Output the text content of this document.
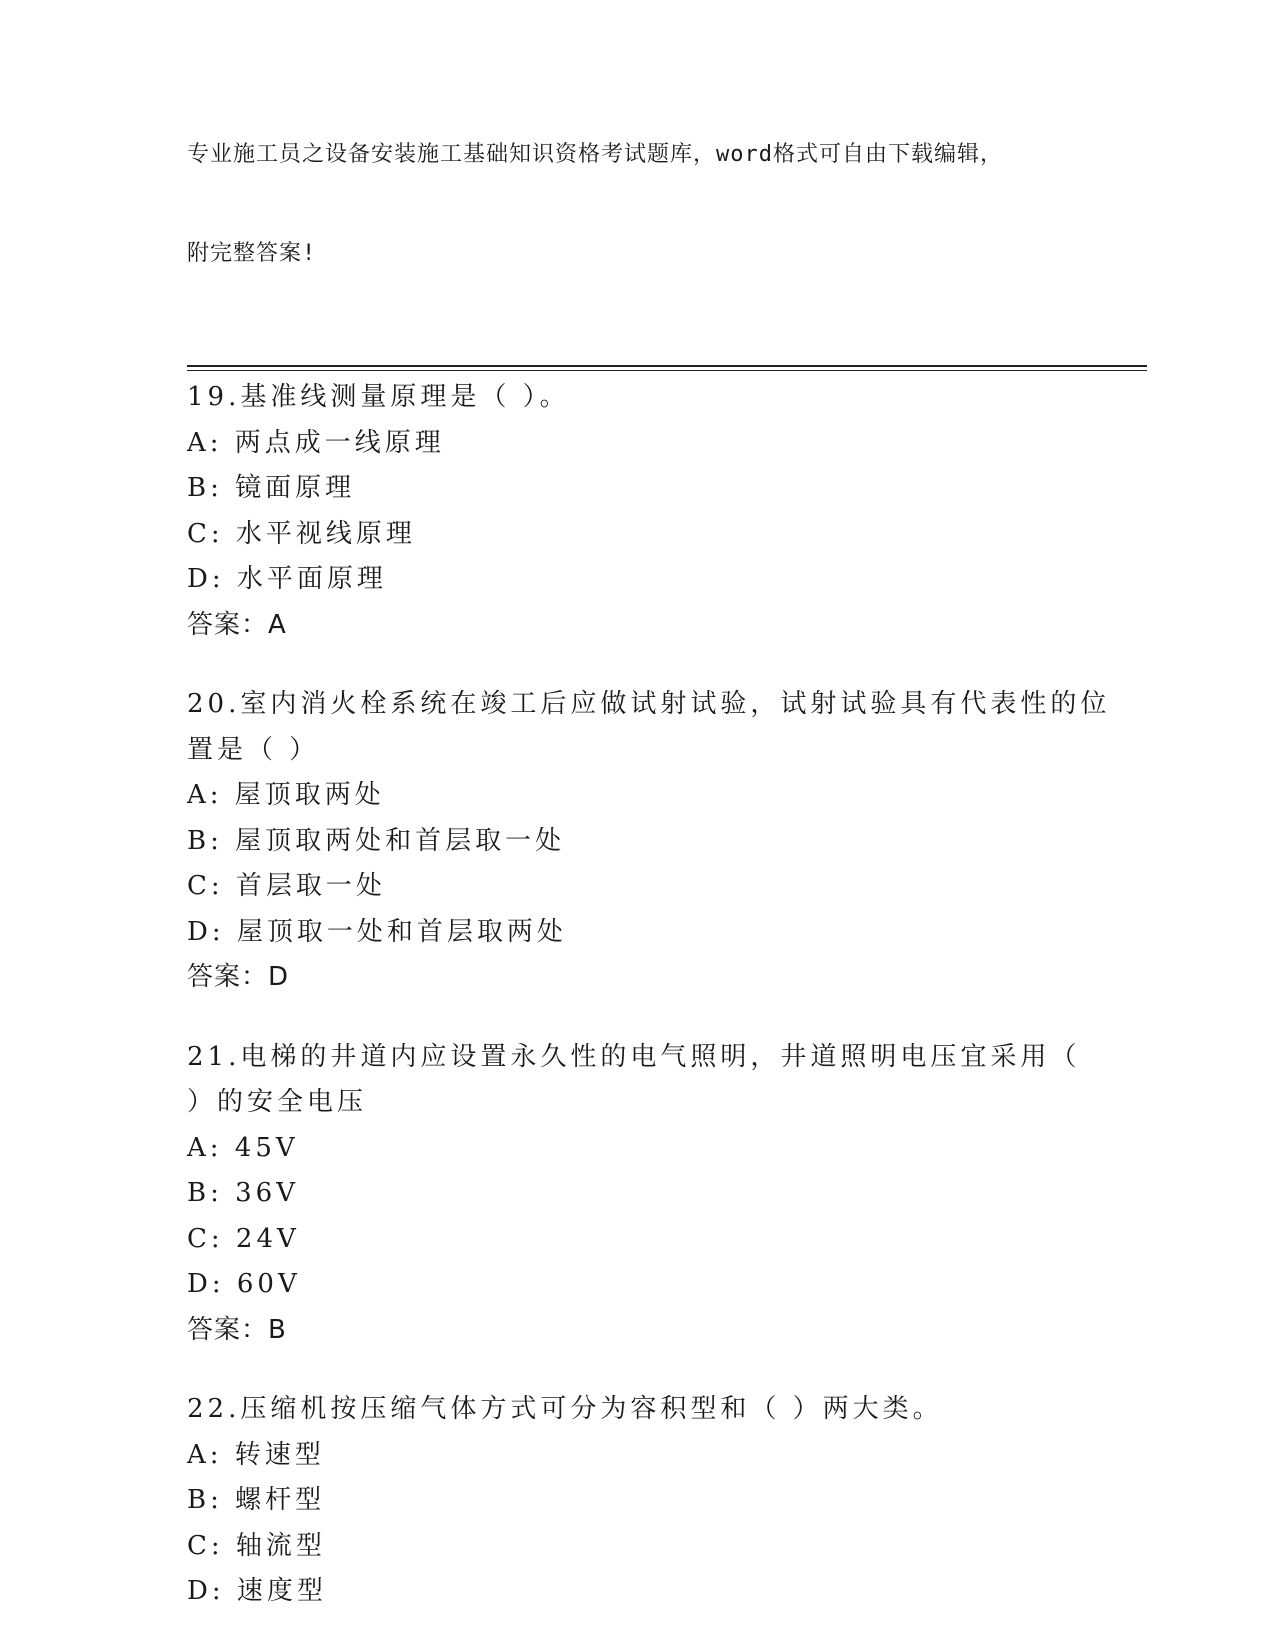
专业施工员之设备安装施工基础知识资格考试题库，word格式可自由下载编辑，

附完整答案!

19.基准线测量原理是（ ）。
A: 两点成一线原理
B: 镜面原理
C: 水平视线原理
D: 水平面原理
答案：A
20.室内消火栓系统在竣工后应做试射试验，试射试验具有代表性的位
置是（ ）
A: 屋顶取两处
B: 屋顶取两处和首层取一处
C: 首层取一处
D: 屋顶取一处和首层取两处
答案：D
21.电梯的井道内应设置永久性的电气照明，井道照明电压宜采用（
）的安全电压
A: 45V
B: 36V
C: 24V
D: 60V
答案：B
22.压缩机按压缩气体方式可分为容积型和（ ）两大类。
A: 转速型
B: 螺杆型
C: 轴流型
D: 速度型
